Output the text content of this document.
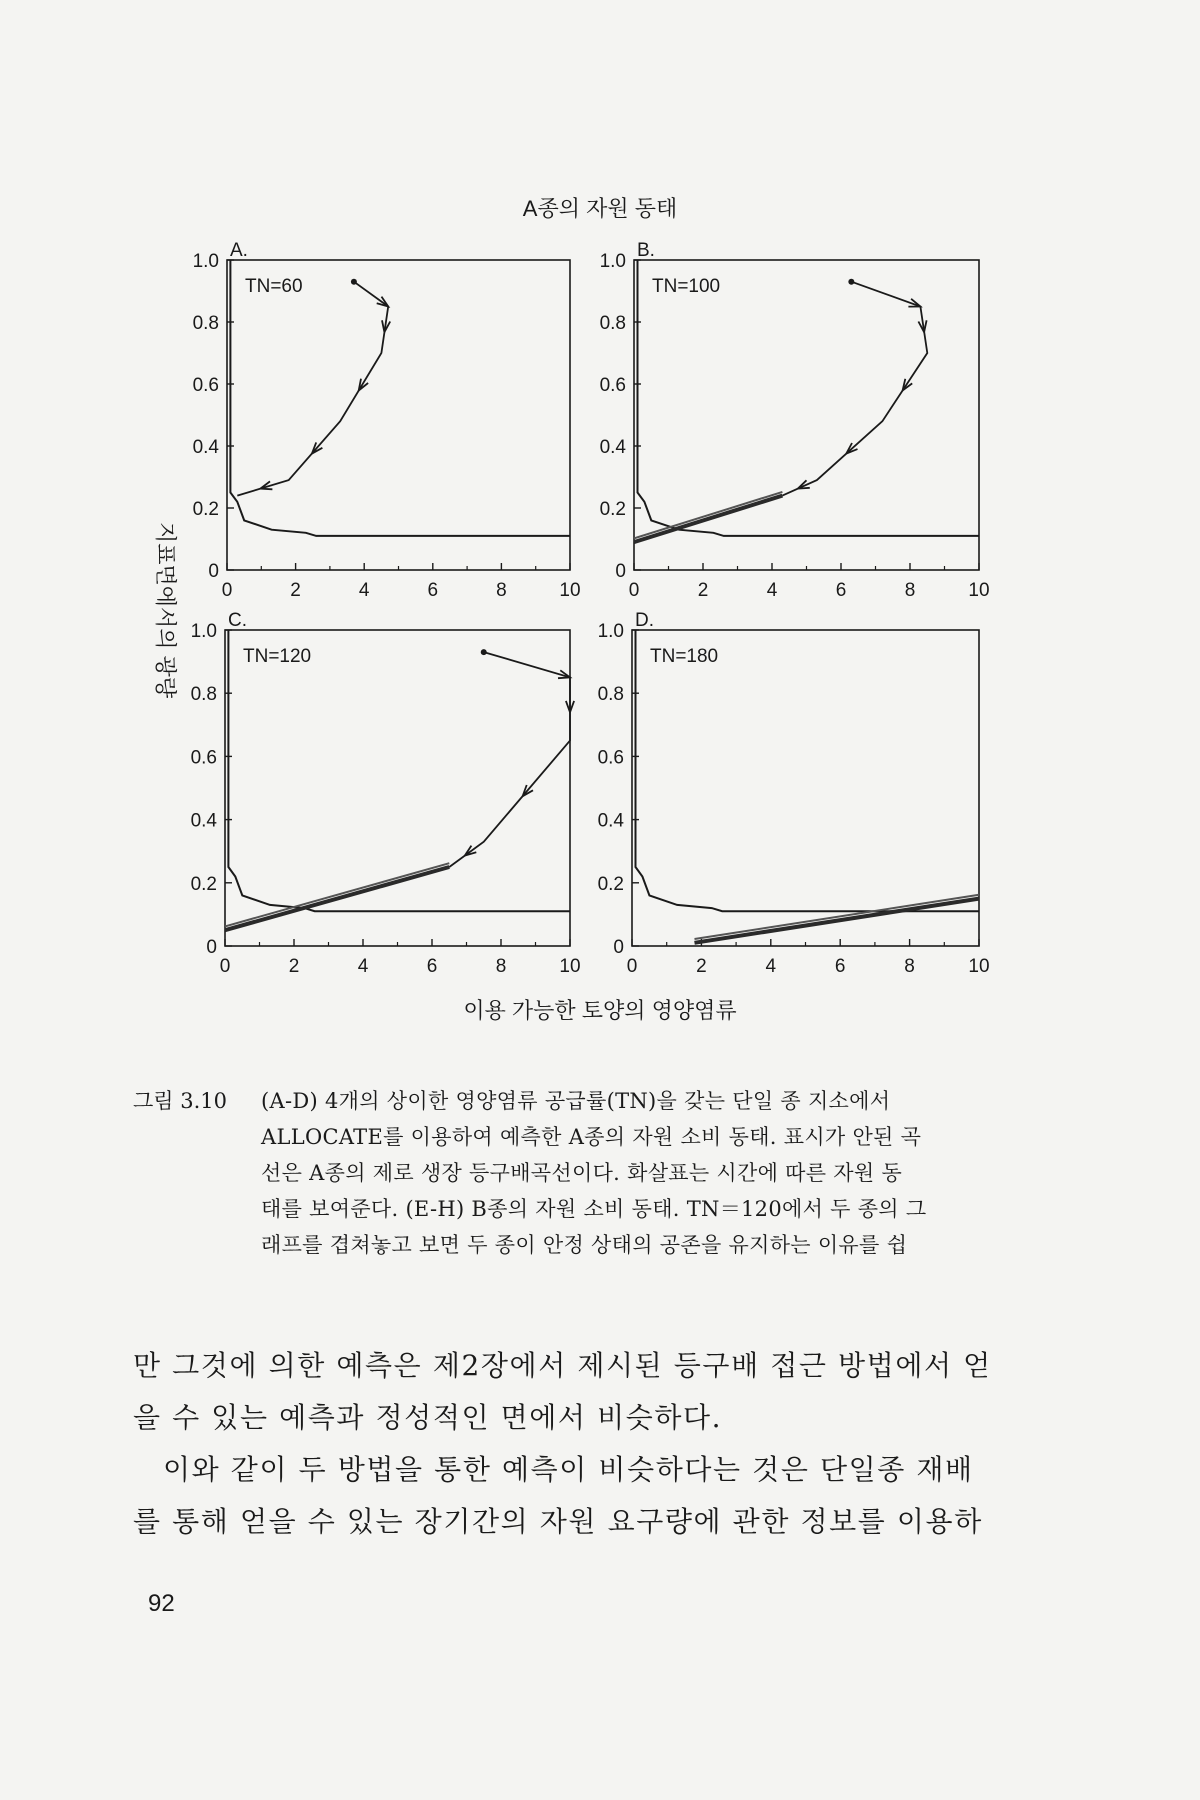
A종의 자원 동태
이용 가능한 토양의 영양염류
지표면에서의 광량 0	2	4	6	8	10
0
0.2
0.4
0.6
0.8
1.0
A.
TN=60
0	2	4	6	8	10
0
0.2
0.4
0.6
0.8
1.0
B.
TN=100
0	2	4	6	8	10
0
0.2
0.4
0.6
0.8
1.0
C.
TN=120
0	2	4	6	8	10
0
0.2
0.4
0.6
0.8
1.0
D.
TN=180
그림 3.10	(A-D) 4개의 상이한 영양염류 공급률(TN)을 갖는 단일 종 지소에서
ALLOCATE를 이용하여 예측한 A종의 자원 소비 동태. 표시가 안된 곡
선은 A종의 제로 생장 등구배곡선이다. 화살표는 시간에 따른 자원 동
태를 보여준다. (E-H) B종의 자원 소비 동태. TN＝120에서 두 종의 그
래프를 겹쳐놓고 보면 두 종이 안정 상태의 공존을 유지하는 이유를 쉽
만 그것에 의한 예측은 제2장에서 제시된 등구배 접근 방법에서 얻
을 수 있는 예측과 정성적인 면에서 비슷하다.
이와 같이 두 방법을 통한 예측이 비슷하다는 것은 단일종 재배
를 통해 얻을 수 있는 장기간의 자원 요구량에 관한 정보를 이용하
92
